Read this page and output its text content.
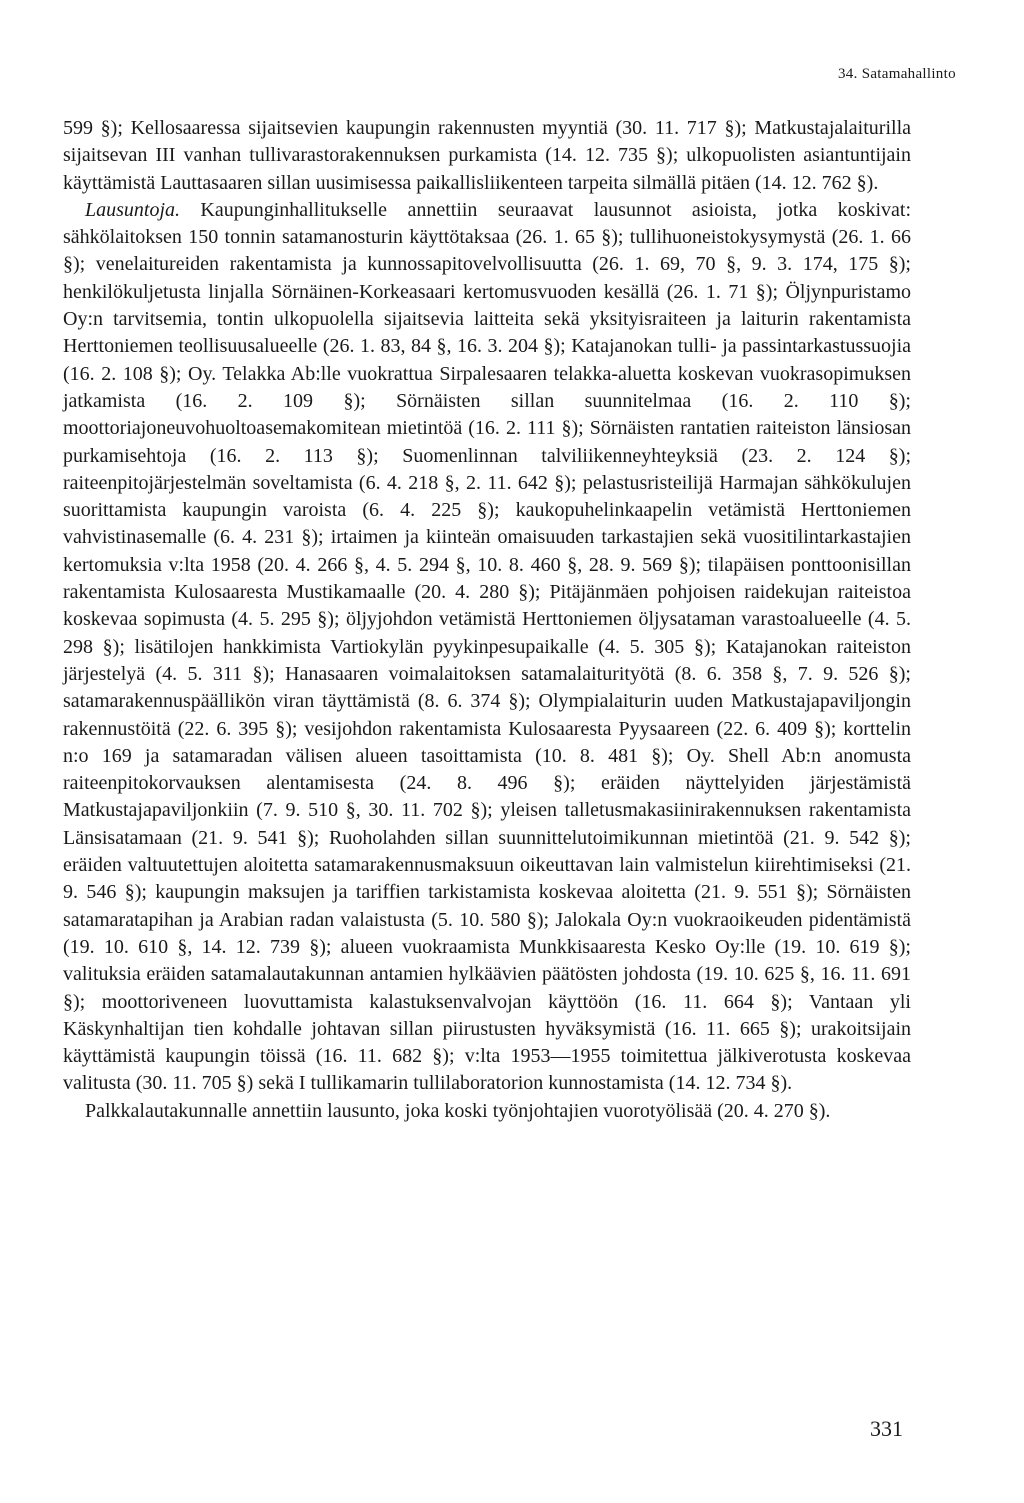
34. Satamahallinto

599 §); Kellosaaressa sijaitsevien kaupungin rakennusten myyntiä (30. 11. 717 §); Matkustajalaiturilla sijaitsevan III vanhan tullivarastorakennuksen purkamista (14. 12. 735 §); ulkopuolisten asiantuntijain käyttämistä Lauttasaaren sillan uusimisessa paikallisliikenteen tarpeita silmällä pitäen (14. 12. 762 §).

Lausuntoja. Kaupunginhallitukselle annettiin seuraavat lausunnot asioista, jotka koskivat: sähkölaitoksen 150 tonnin satamanosturin käyttötaksaa (26. 1. 65 §); tullihuoneistokysymystä (26. 1. 66 §); venelaitureiden rakentamista ja kunnossapitovelvollisuutta (26. 1. 69, 70 §, 9. 3. 174, 175 §); henkilökuljetusta linjalla Sörnäinen-Korkeasaari kertomusvuoden kesällä (26. 1. 71 §); Öljynpuristamo Oy:n tarvitsemia, tontin ulkopuolella sijaitsevia laitteita sekä yksityisraiteen ja laiturin rakentamista Herttoniemen teollisuusalueelle (26. 1. 83, 84 §, 16. 3. 204 §); Katajanokan tulli- ja passintarkastussuojia (16. 2. 108 §); Oy. Telakka Ab:lle vuokrattua Sirpalesaaren telakka-aluetta koskevan vuokrasopimuksen jatkamista (16. 2. 109 §); Sörnäisten sillan suunnitelmaa (16. 2. 110 §); moottoriajoneuvohuoltoasemakomitean mietintöä (16. 2. 111 §); Sörnäisten rantatien raiteiston länsiosan purkamisehtoja (16. 2. 113 §); Suomenlinnan talviliikenneyhteyksiä (23. 2. 124 §); raiteenpitojärjestelmän soveltamista (6. 4. 218 §, 2. 11. 642 §); pelastusristeilijä Harmajan sähkökulujen suorittamista kaupungin varoista (6. 4. 225 §); kaukopuhelinkaapelin vetämistä Herttoniemen vahvistinasemalle (6. 4. 231 §); irtaimen ja kiinteän omaisuuden tarkastajien sekä vuositilintarkastajien kertomuksia v:lta 1958 (20. 4. 266 §, 4. 5. 294 §, 10. 8. 460 §, 28. 9. 569 §); tilapäisen ponttoonisillan rakentamista Kulosaaresta Mustikamaalle (20. 4. 280 §); Pitäjänmäen pohjoisen raidekujan raiteistoa koskevaa sopimusta (4. 5. 295 §); öljyjohdon vetämistä Herttoniemen öljysataman varastoalueelle (4. 5. 298 §); lisätilojen hankkimista Vartiokylän pyykinpesupaikalle (4. 5. 305 §); Katajanokan raiteiston järjestelyä (4. 5. 311 §); Hanasaaren voimalaitoksen satamalaiturityötä (8. 6. 358 §, 7. 9. 526 §); satamarakennuspäällikön viran täyttämistä (8. 6. 374 §); Olympialaiturin uuden Matkustajapaviljongin rakennustöitä (22. 6. 395 §); vesijohdon rakentamista Kulosaaresta Pyysaareen (22. 6. 409 §); korttelin n:o 169 ja satamaradan välisen alueen tasoittamista (10. 8. 481 §); Oy. Shell Ab:n anomusta raiteenpitokorvauksen alentamisesta (24. 8. 496 §); eräiden näyttelyiden järjestämistä Matkustajapaviljonkiin (7. 9. 510 §, 30. 11. 702 §); yleisen talletusmakasiinirakennuksen rakentamista Länsisatamaan (21. 9. 541 §); Ruoholahden sillan suunnittelutoimikunnan mietintöä (21. 9. 542 §); eräiden valtuutettujen aloitetta satamarakennusmaksuun oikeuttavan lain valmistelun kiirehtimiseksi (21. 9. 546 §); kaupungin maksujen ja tariffien tarkistamista koskevaa aloitetta (21. 9. 551 §); Sörnäisten satamaratapihan ja Arabian radan valaistusta (5. 10. 580 §); Jalokala Oy:n vuokraoikeuden pidentämistä (19. 10. 610 §, 14. 12. 739 §); alueen vuokraamista Munkkisaaresta Kesko Oy:lle (19. 10. 619 §); valituksia eräiden satamalautakunnan antamien hylkäävien päätösten johdosta (19. 10. 625 §, 16. 11. 691 §); moottoriveneen luovuttamista kalastuksenvalvojan käyttöön (16. 11. 664 §); Vantaan yli Käskynhaltijan tien kohdalle johtavan sillan piirustusten hyväksymistä (16. 11. 665 §); urakoitsijain käyttämistä kaupungin töissä (16. 11. 682 §); v:lta 1953—1955 toimitettua jälkiverotusta koskevaa valitusta (30. 11. 705 §) sekä I tullikamarin tullilaboratorion kunnostamista (14. 12. 734 §).

Palkkalautakunnalle annettiin lausunto, joka koski työnjohtajien vuorotyölisää (20. 4. 270 §).

331
